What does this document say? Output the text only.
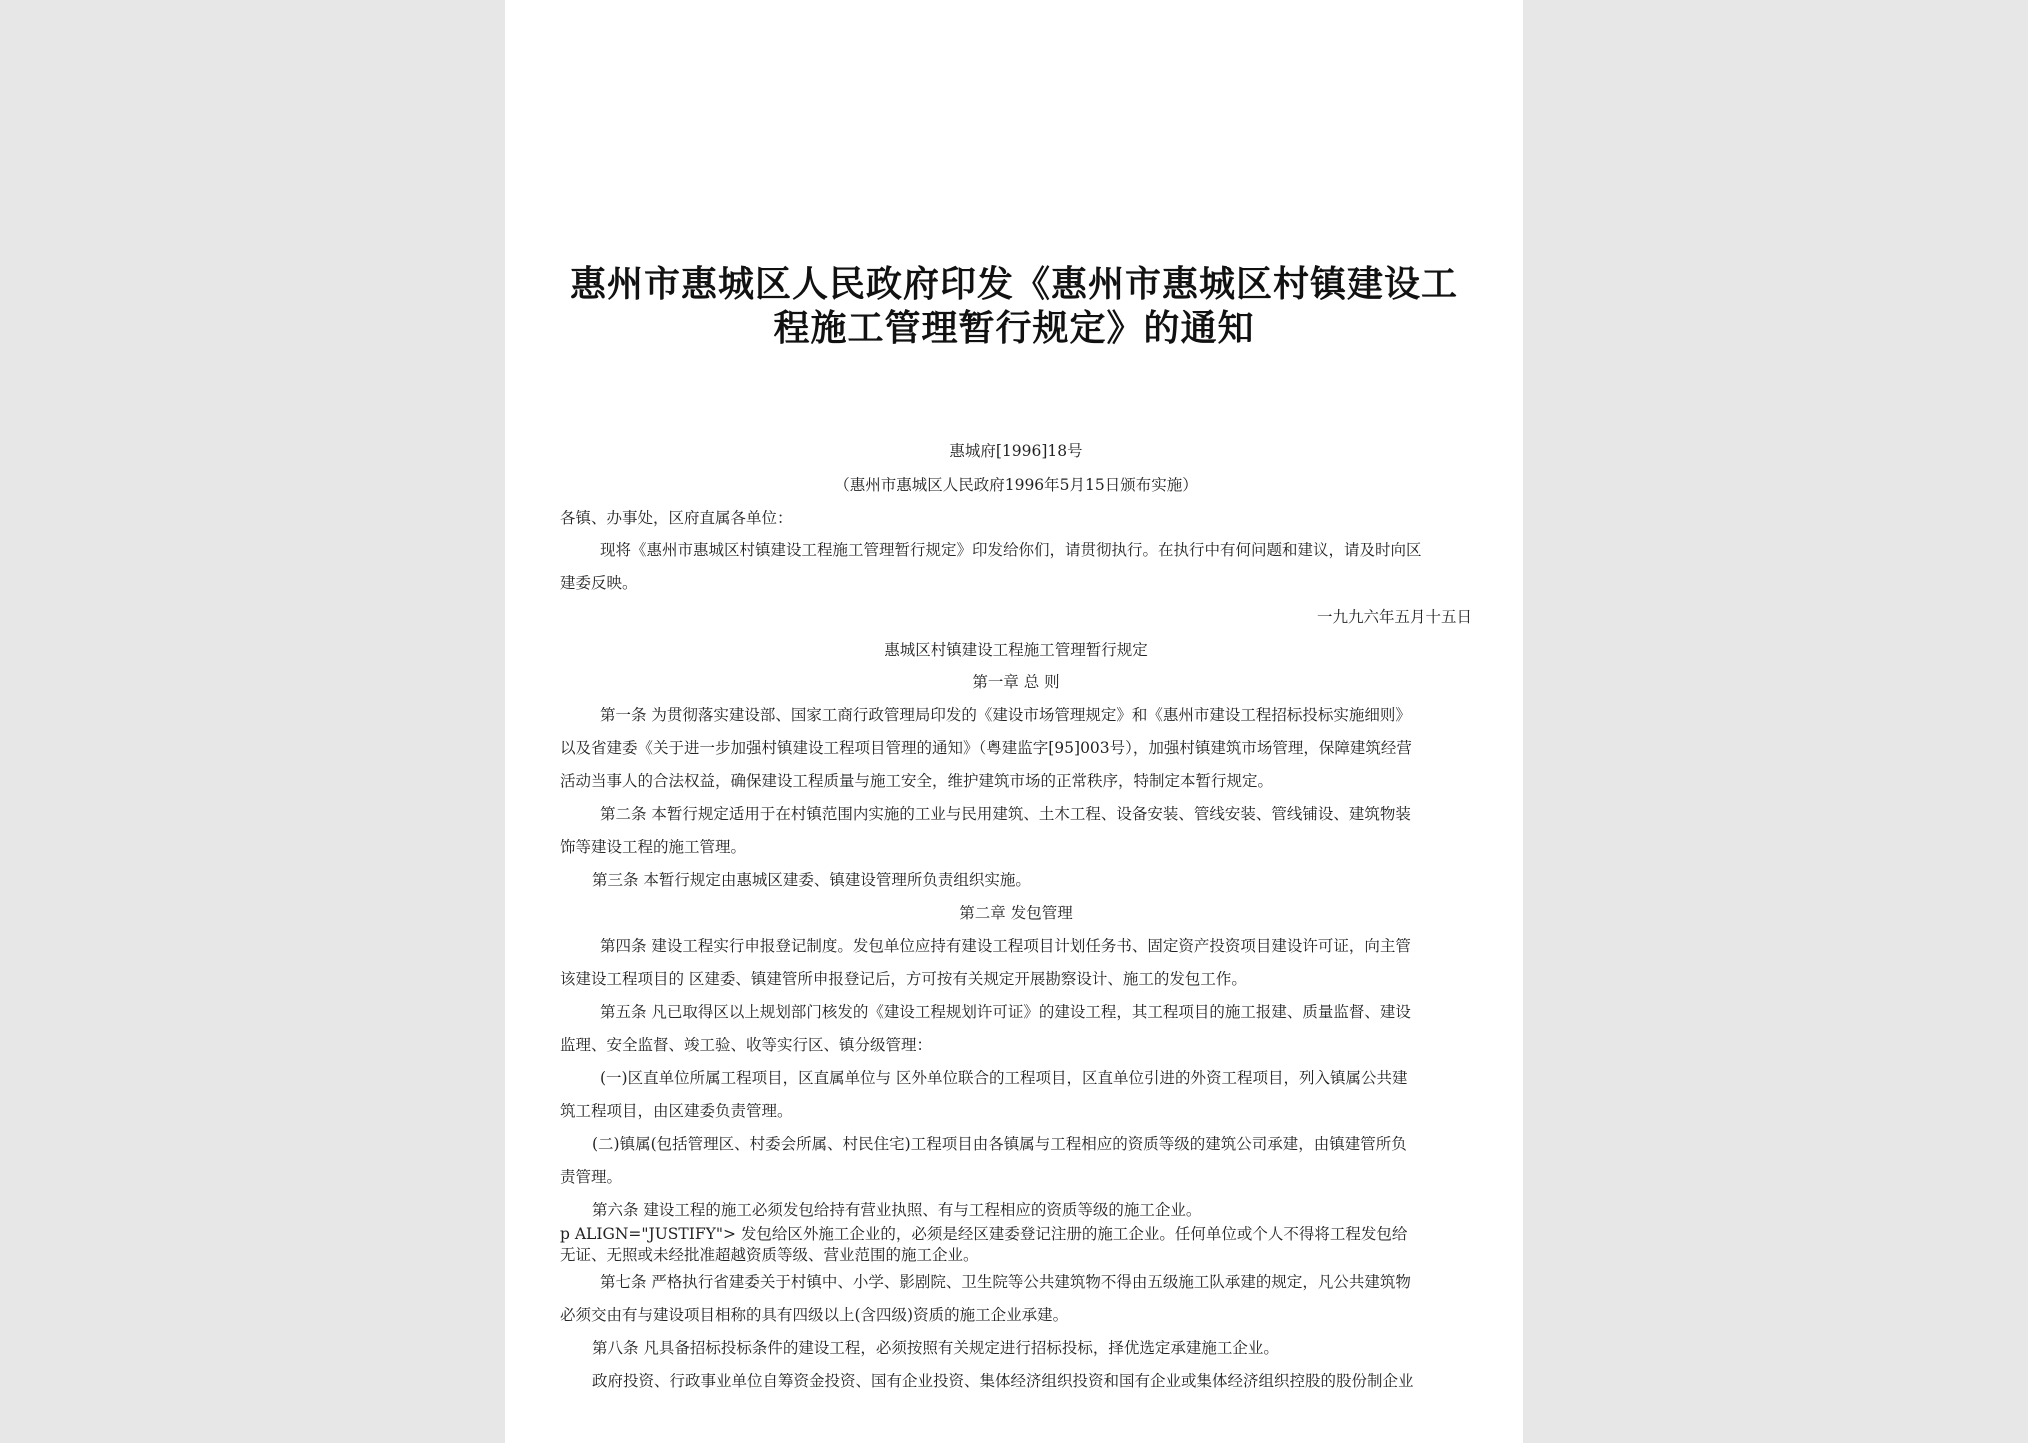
惠州市惠城区人民政府印发《惠州市惠城区村镇建设工
程施工管理暂行规定》的通知
惠城府[1996]18号
（惠州市惠城区人民政府1996年5月15日颁布实施）
各镇、办事处，区府直属各单位：
现将《惠州市惠城区村镇建设工程施工管理暂行规定》印发给你们，请贯彻执行。在执行中有何问题和建议，请及时向区
建委反映。
一九九六年五月十五日
惠城区村镇建设工程施工管理暂行规定
第一章 总 则
第一条 为贯彻落实建设部、国家工商行政管理局印发的《建设市场管理规定》和《惠州市建设工程招标投标实施细则》
以及省建委《关于进一步加强村镇建设工程项目管理的通知》（粤建监字[95]003号），加强村镇建筑市场管理，保障建筑经营
活动当事人的合法权益，确保建设工程质量与施工安全，维护建筑市场的正常秩序，特制定本暂行规定。
第二条 本暂行规定适用于在村镇范围内实施的工业与民用建筑、土木工程、设备安装、管线安装、管线铺设、建筑物装
饰等建设工程的施工管理。
第三条 本暂行规定由惠城区建委、镇建设管理所负责组织实施。
第二章 发包管理
第四条 建设工程实行申报登记制度。发包单位应持有建设工程项目计划任务书、固定资产投资项目建设许可证，向主管
该建设工程项目的 区建委、镇建管所申报登记后，方可按有关规定开展勘察设计、施工的发包工作。
第五条 凡已取得区以上规划部门核发的《建设工程规划许可证》的建设工程，其工程项目的施工报建、质量监督、建设
监理、安全监督、竣工验、收等实行区、镇分级管理：
(一)区直单位所属工程项目，区直属单位与 区外单位联合的工程项目，区直单位引进的外资工程项目，列入镇属公共建
筑工程项目，由区建委负责管理。
(二)镇属(包括管理区、村委会所属、村民住宅)工程项目由各镇属与工程相应的资质等级的建筑公司承建，由镇建管所负
责管理。
第六条 建设工程的施工必须发包给持有营业执照、有与工程相应的资质等级的施工企业。
p ALIGN="JUSTIFY"> 发包给区外施工企业的，必须是经区建委登记注册的施工企业。任何单位或个人不得将工程发包给
无证、无照或未经批准超越资质等级、营业范围的施工企业。
第七条 严格执行省建委关于村镇中、小学、影剧院、卫生院等公共建筑物不得由五级施工队承建的规定，凡公共建筑物
必须交由有与建设项目相称的具有四级以上(含四级)资质的施工企业承建。
第八条 凡具备招标投标条件的建设工程，必须按照有关规定进行招标投标，择优选定承建施工企业。
政府投资、行政事业单位自筹资金投资、国有企业投资、集体经济组织投资和国有企业或集体经济组织控股的股份制企业
